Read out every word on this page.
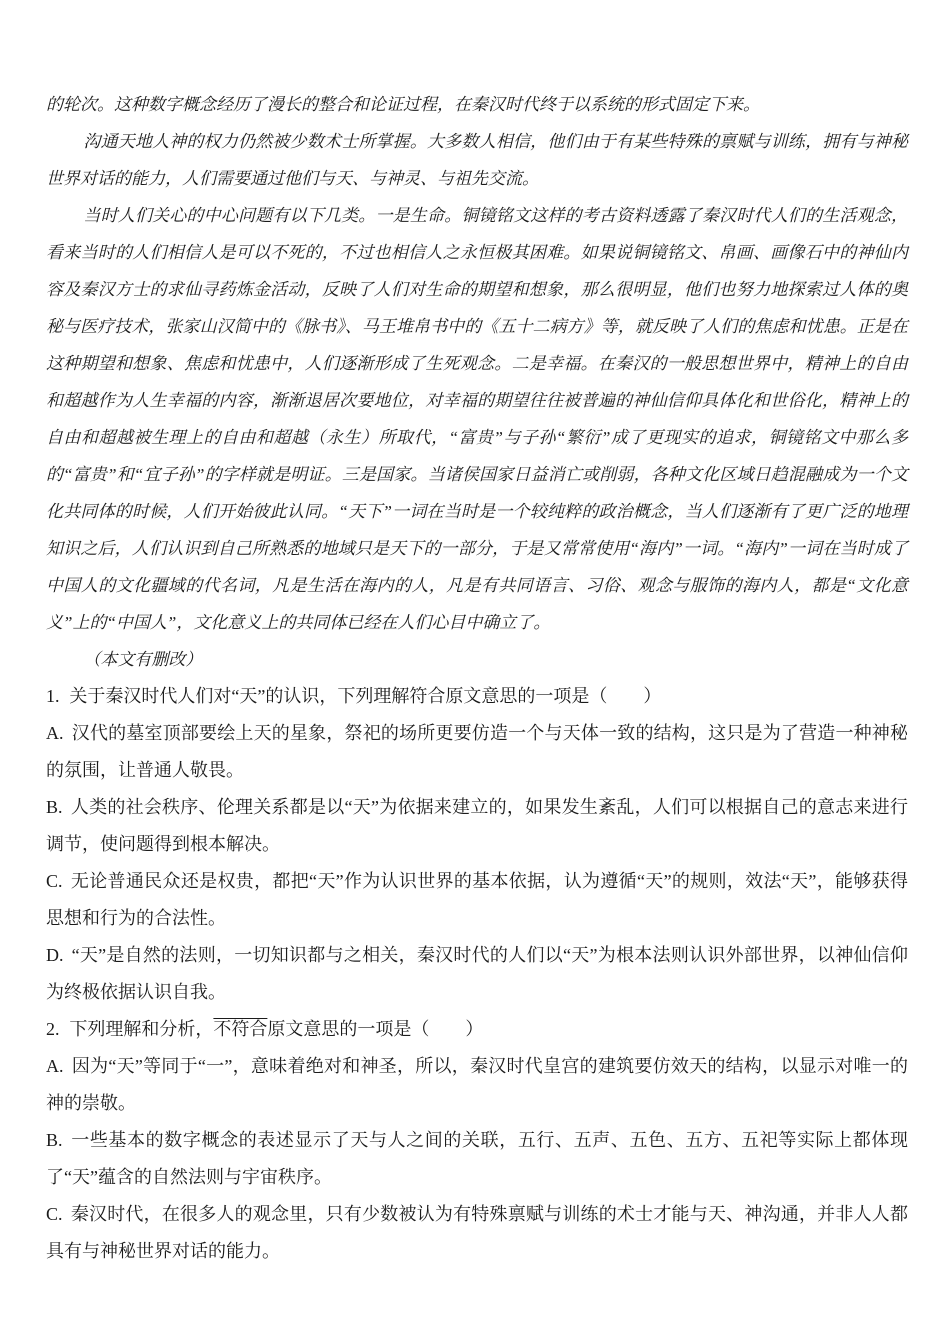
的轮次。这种数字概念经历了漫长的整合和论证过程，在秦汉时代终于以系统的形式固定下来。

沟通天地人神的权力仍然被少数术士所掌握。大多数人相信，他们由于有某些特殊的禀赋与训练，拥有与神秘世界对话的能力，人们需要通过他们与天、与神灵、与祖先交流。

当时人们关心的中心问题有以下几类。一是生命。铜镜铭文这样的考古资料透露了秦汉时代人们的生活观念，看来当时的人们相信人是可以不死的，不过也相信人之永恒极其困难。如果说铜镜铭文、帛画、画像石中的神仙内容及秦汉方士的求仙寻药炼金活动，反映了人们对生命的期望和想象，那么很明显，他们也努力地探索过人体的奥秘与医疗技术，张家山汉简中的《脉书》、马王堆帛书中的《五十二病方》等，就反映了人们的焦虑和忧患。正是在这种期望和想象、焦虑和忧患中，人们逐渐形成了生死观念。二是幸福。在秦汉的一般思想世界中，精神上的自由和超越作为人生幸福的内容，渐渐退居次要地位，对幸福的期望往往被普遍的神仙信仰具体化和世俗化，精神上的自由和超越被生理上的自由和超越（永生）所取代，“富贵”与子孙“繁衍”成了更现实的追求，铜镜铭文中那么多的“富贵”和“宜子孙”的字样就是明证。三是国家。当诸侯国家日益消亡或削弱，各种文化区域日趋混融成为一个文化共同体的时候，人们开始彼此认同。“天下”一词在当时是一个较纯粹的政治概念，当人们逐渐有了更广泛的地理知识之后，人们认识到自己所熟悉的地域只是天下的一部分，于是又常常使用“海内”一词。“海内”一词在当时成了中国人的文化疆域的代名词，凡是生活在海内的人，凡是有共同语言、习俗、观念与服饰的海内人，都是“文化意义”上的“中国人”，文化意义上的共同体已经在人们心目中确立了。

（本文有删改）

1. 关于秦汉时代人们对“天”的认识，下列理解符合原文意思的一项是（　　）

A. 汉代的墓室顶部要绘上天的星象，祭祀的场所更要仿造一个与天体一致的结构，这只是为了营造一种神秘的氛围，让普通人敬畏。

B. 人类的社会秩序、伦理关系都是以“天”为依据来建立的，如果发生紊乱，人们可以根据自己的意志来进行调节，使问题得到根本解决。

C. 无论普通民众还是权贵，都把“天”作为认识世界的基本依据，认为遵循“天”的规则，效法“天”，能够获得思想和行为的合法性。

D. “天”是自然的法则，一切知识都与之相关，秦汉时代的人们以“天”为根本法则认识外部世界，以神仙信仰为终极依据认识自我。

2. 下列理解和分析，不符合原文意思的一项是（　　）

A. 因为“天”等同于“一”，意味着绝对和神圣，所以，秦汉时代皇宫的建筑要仿效天的结构，以显示对唯一的神的崇敬。

B. 一些基本的数字概念的表述显示了天与人之间的关联，五行、五声、五色、五方、五祀等实际上都体现了“天”蕴含的自然法则与宇宙秩序。

C. 秦汉时代，在很多人的观念里，只有少数被认为有特殊禀赋与训练的术士才能与天、神沟通，并非人人都具有与神秘世界对话的能力。
